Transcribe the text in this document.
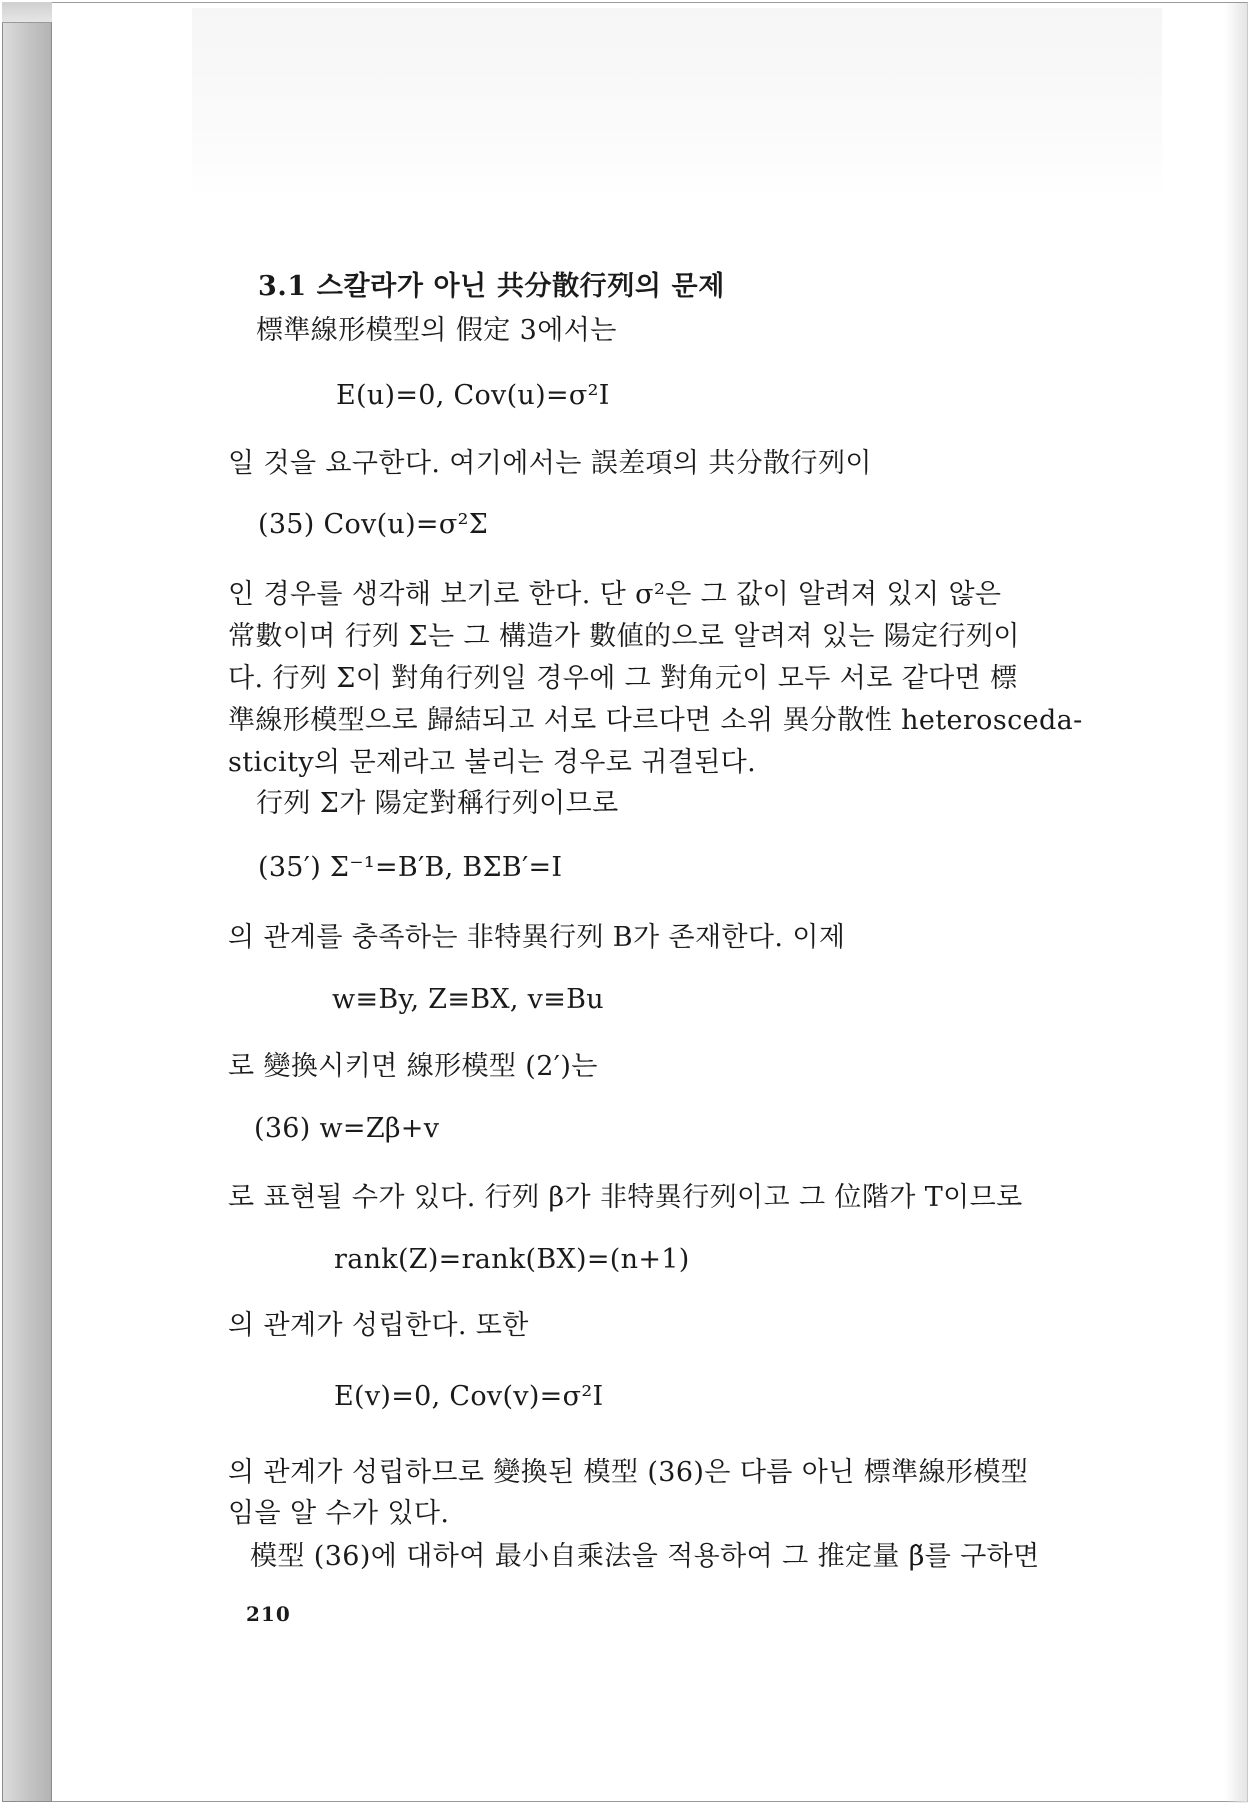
3.1 스칼라가 아닌 共分散行列의 문제
標準線形模型의 假定 3에서는
E(u)=0, Cov(u)=σ²I
일 것을 요구한다. 여기에서는 誤差項의 共分散行列이
(35) Cov(u)=σ²Σ
인 경우를 생각해 보기로 한다. 단 σ²은 그 값이 알려져 있지 않은
常數이며 行列 Σ는 그 構造가 數値的으로 알려져 있는 陽定行列이
다. 行列 Σ이 對角行列일 경우에 그 對角元이 모두 서로 같다면 標
準線形模型으로 歸結되고 서로 다르다면 소위 異分散性 heteroscedа-
sticity의 문제라고 불리는 경우로 귀결된다.
行列 Σ가 陽定對稱行列이므로
(35′) Σ⁻¹=B′B, BΣB′=I
의 관계를 충족하는 非特異行列 B가 존재한다. 이제
w≡By, Z≡BX, v≡Bu
로 變換시키면 線形模型 (2′)는
(36) w=Zβ+v
로 표현될 수가 있다. 行列 β가 非特異行列이고 그 位階가 T이므로
rank(Z)=rank(BX)=(n+1)
의 관계가 성립한다. 또한
E(v)=0, Cov(v)=σ²I
의 관계가 성립하므로 變換된 模型 (36)은 다름 아닌 標準線形模型
임을 알 수가 있다.
模型 (36)에 대하여 最小自乘法을 적용하여 그 推定量 β̃를 구하면
210
